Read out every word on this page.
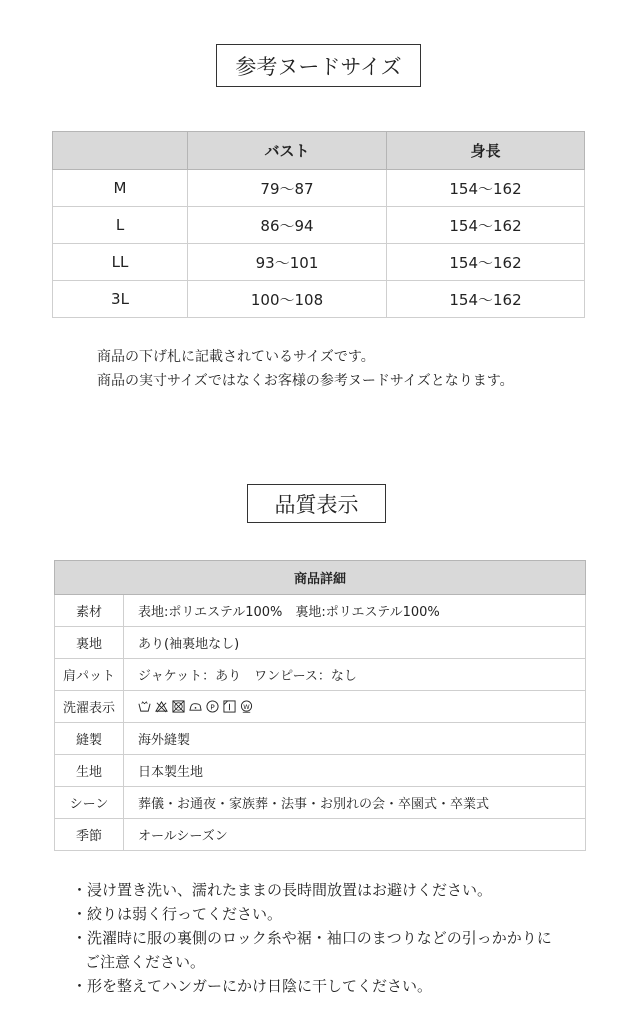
参考ヌードサイズ
	バスト	身長
M	79〜87	154〜162
L	86〜94	154〜162
LL	93〜101	154〜162
3L	100〜108	154〜162
商品の下げ札に記載されているサイズです。
商品の実寸サイズではなくお客様の参考ヌードサイズとなります。
品質表示
商品詳細	
素材	表地:ポリエステル100%　裏地:ポリエステル100%
裏地	あり(袖裏地なし)
肩パット	ジャケット：あり　ワンピース：なし
洗濯表示	P W

縫製	海外縫製
生地	日本製生地
シーン	葬儀・お通夜・家族葬・法事・お別れの会・卒園式・卒業式
季節	オールシーズン
・浸け置き洗い、濡れたままの長時間放置はお避けください。
・絞りは弱く行ってください。
・洗濯時に服の裏側のロック糸や裾・袖口のまつりなどの引っかかりに
ご注意ください。
・形を整えてハンガーにかけ日陰に干してください。
